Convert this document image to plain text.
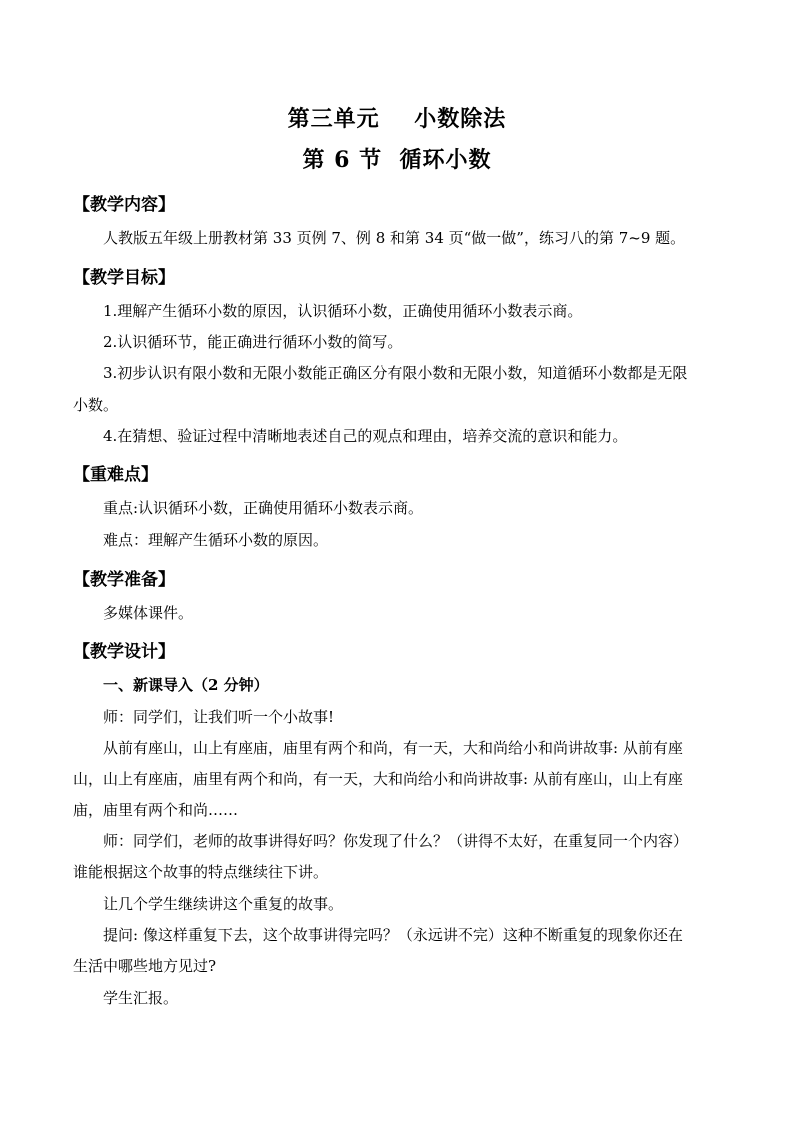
第三单元    小数除法
第 6 节  循环小数
【教学内容】
人教版五年级上册教材第 33 页例 7、例 8 和第 34 页“做一做”，练习八的第 7~9 题。
【教学目标】
1.理解产生循环小数的原因，认识循环小数，正确使用循环小数表示商。
2.认识循环节，能正确进行循环小数的简写。
3.初步认识有限小数和无限小数能正确区分有限小数和无限小数，知道循环小数都是无限
小数。
4.在猜想、验证过程中清晰地表述自己的观点和理由，培养交流的意识和能力。
【重难点】
重点:认识循环小数，正确使用循环小数表示商。
难点：理解产生循环小数的原因。
【教学准备】
多媒体课件。
【教学设计】
一、新课导入（2 分钟）
师：同学们，让我们听一个小故事!
从前有座山，山上有座庙，庙里有两个和尚，有一天，大和尚给小和尚讲故事: 从前有座
山，山上有座庙，庙里有两个和尚，有一天，大和尚给小和尚讲故事: 从前有座山，山上有座
庙，庙里有两个和尚……
师：同学们，老师的故事讲得好吗？你发现了什么？（讲得不太好，在重复同一个内容）
谁能根据这个故事的特点继续往下讲。
让几个学生继续讲这个重复的故事。
提问: 像这样重复下去，这个故事讲得完吗？（永远讲不完）这种不断重复的现象你还在
生活中哪些地方见过?
学生汇报。
